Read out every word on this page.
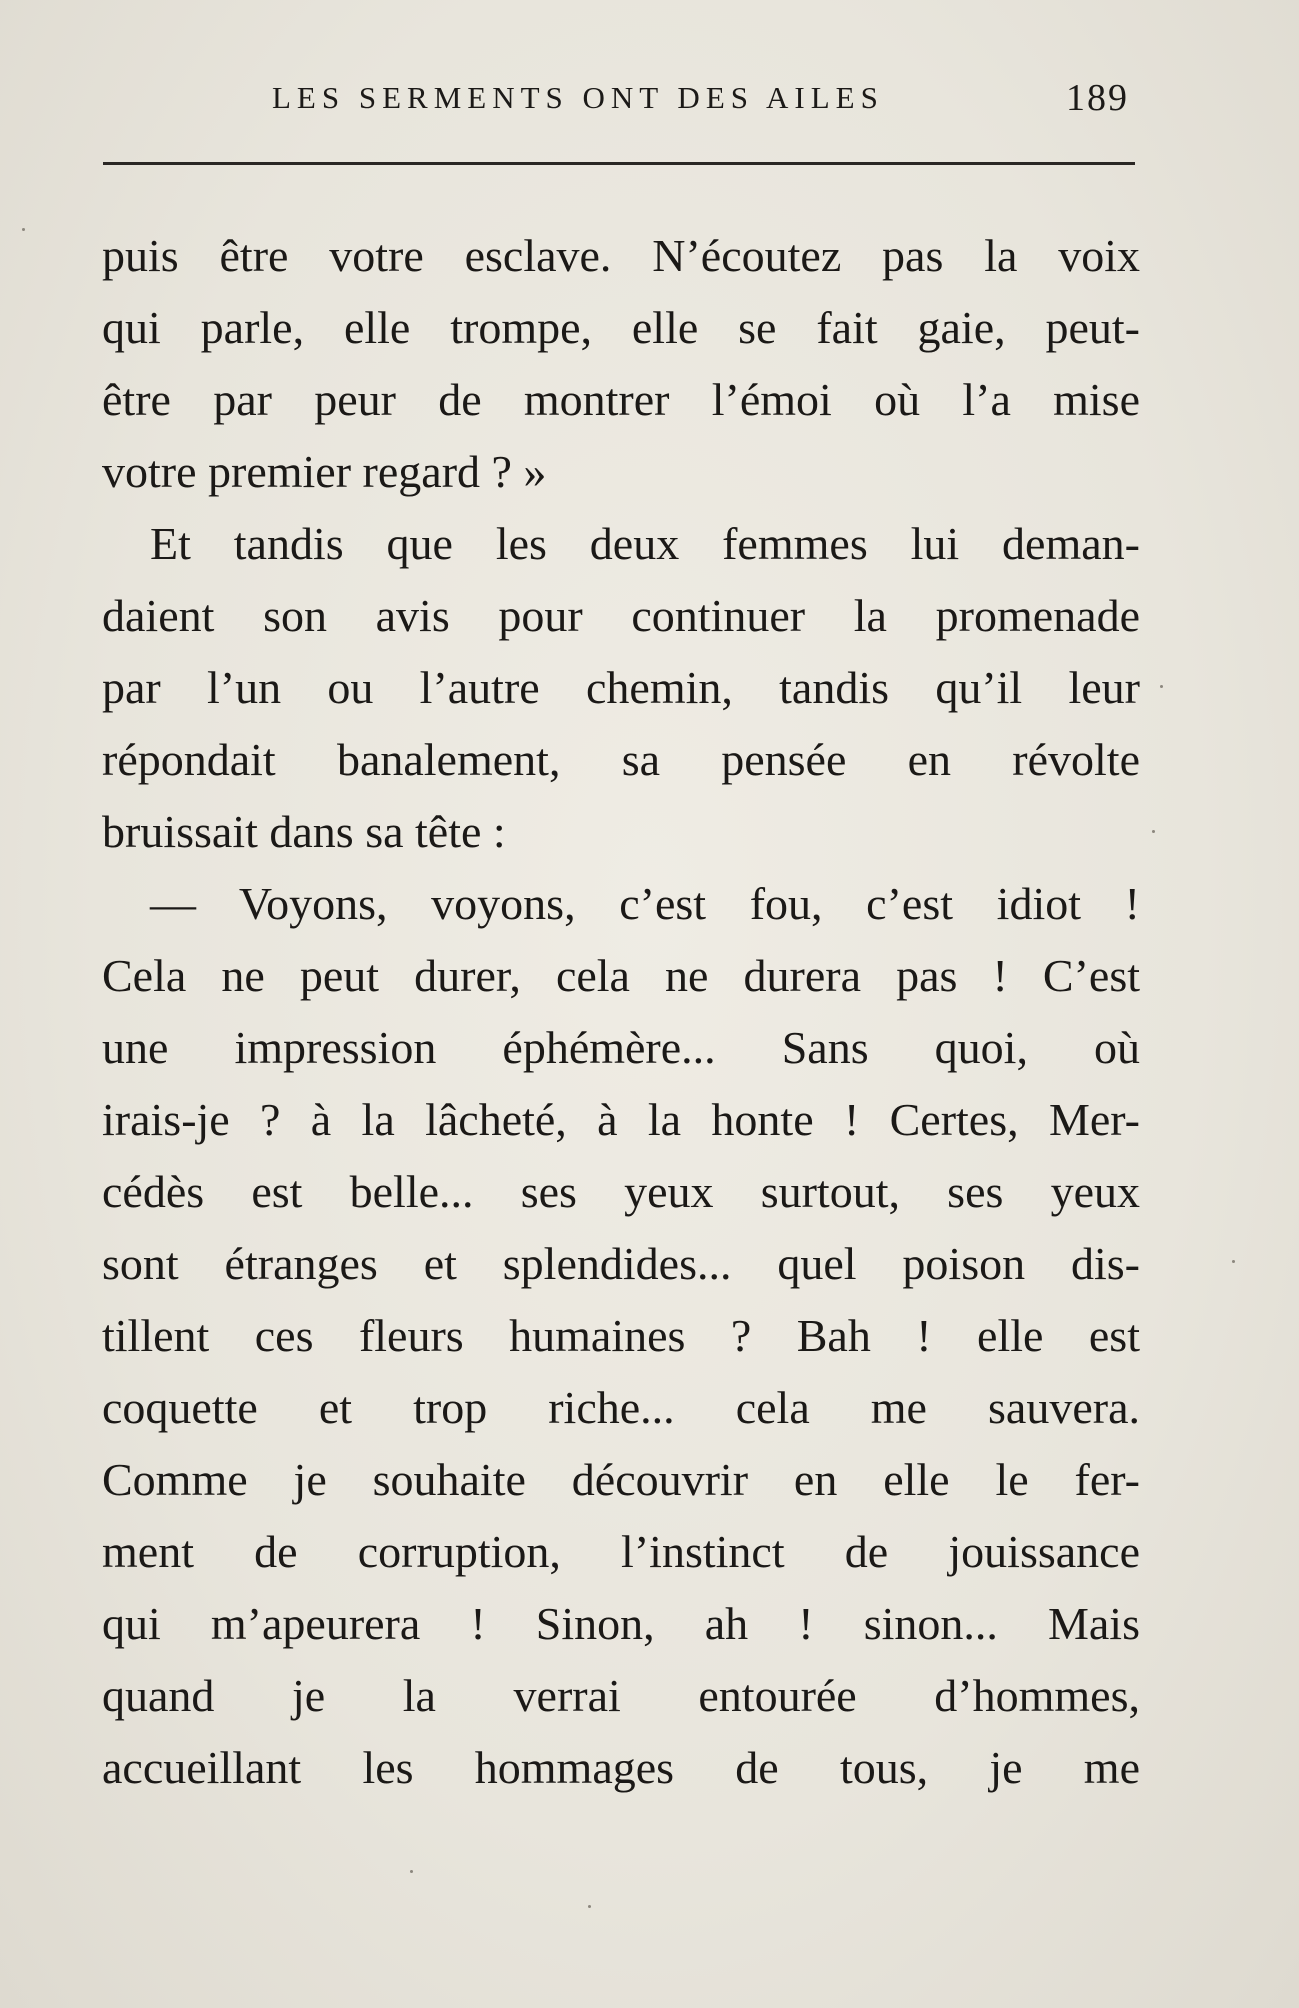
LES SERMENTS ONT DES AILES	189
puis être votre esclave. N’écoutez pas la voix
qui parle, elle trompe, elle se fait gaie, peut-
être par peur de montrer l’émoi où l’a mise
votre premier regard ? »
Et tandis que les deux femmes lui deman-
daient son avis pour continuer la promenade
par l’un ou l’autre chemin, tandis qu’il leur
répondait banalement, sa pensée en révolte
bruissait dans sa tête :
— Voyons, voyons, c’est fou, c’est idiot !
Cela ne peut durer, cela ne durera pas ! C’est
une impression éphémère... Sans quoi, où
irais-je ? à la lâcheté, à la honte ! Certes, Mer-
cédès est belle... ses yeux surtout, ses yeux
sont étranges et splendides... quel poison dis-
tillent ces fleurs humaines ? Bah ! elle est
coquette et trop riche... cela me sauvera.
Comme je souhaite découvrir en elle le fer-
ment de corruption, l’instinct de jouissance
qui m’apeurera ! Sinon, ah ! sinon... Mais
quand je la verrai entourée d’hommes,
accueillant les hommages de tous, je me
